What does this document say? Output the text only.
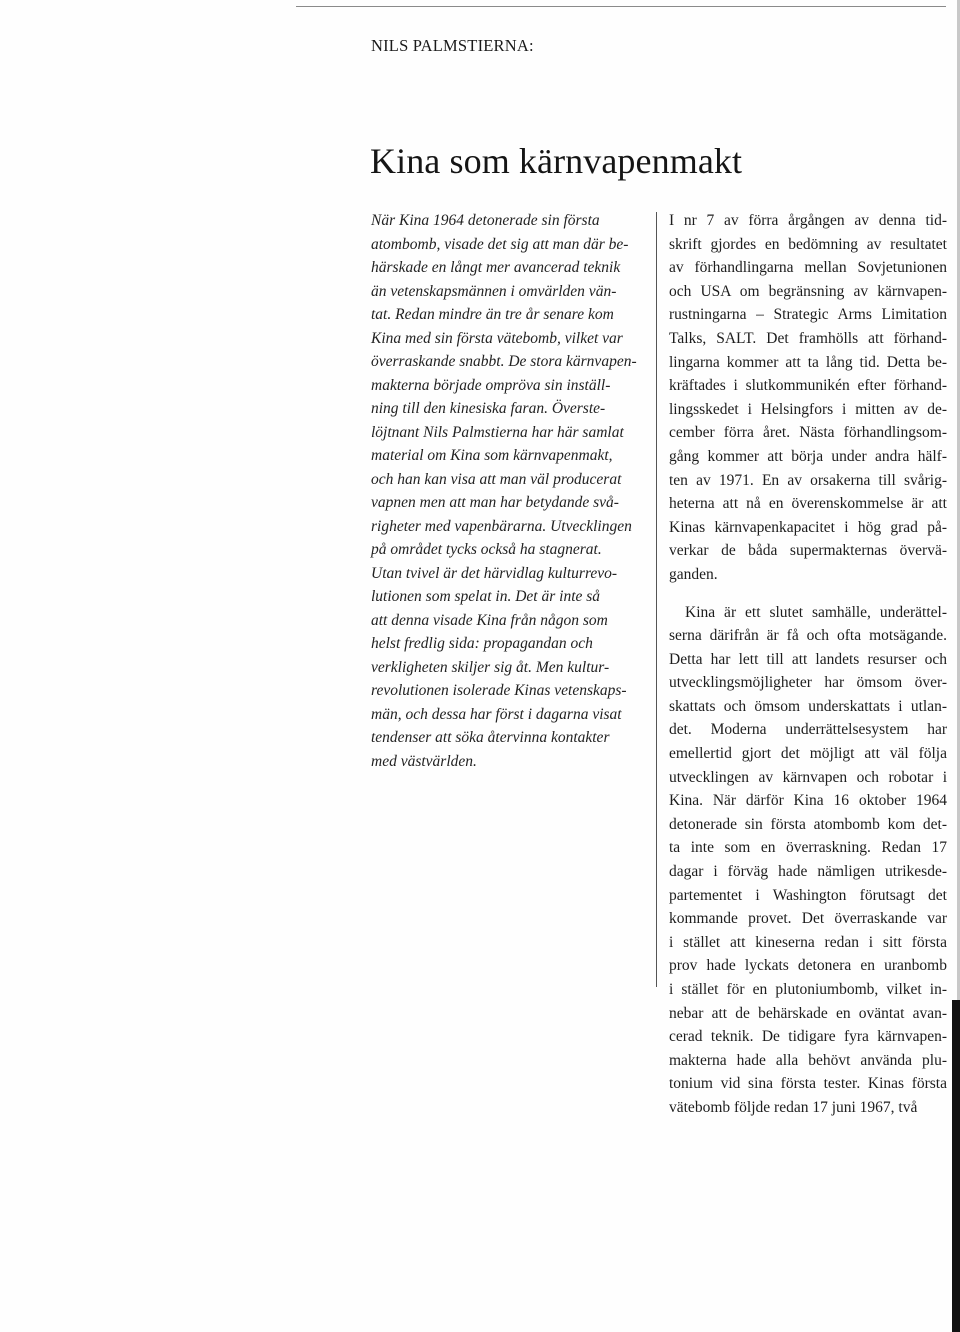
NILS PALMSTIERNA:
Kina som kärnvapenmakt
När Kina 1964 detonerade sin första
atombomb, visade det sig att man där be-
härskade en långt mer avancerad teknik
än vetenskapsmännen i omvärlden vän-
tat. Redan mindre än tre år senare kom
Kina med sin första vätebomb, vilket var
överraskande snabbt. De stora kärnvapen-
makterna började ompröva sin inställ-
ning till den kinesiska faran. Överste-
löjtnant Nils Palmstierna har här samlat
material om Kina som kärnvapenmakt,
och han kan visa att man väl producerat
vapnen men att man har betydande svå-
righeter med vapenbärarna. Utvecklingen
på området tycks också ha stagnerat.
Utan tvivel är det härvidlag kulturrevo-
lutionen som spelat in. Det är inte så
att denna visade Kina från någon som
helst fredlig sida: propagandan och
verkligheten skiljer sig åt. Men kultur-
revolutionen isolerade Kinas vetenskaps-
män, och dessa har först i dagarna visat
tendenser att söka återvinna kontakter
med västvärlden.
I nr 7 av förra årgången av denna tid-
skrift gjordes en bedömning av resultatet
av förhandlingarna mellan Sovjetunionen
och USA om begränsning av kärnvapen-
rustningarna – Strategic Arms Limitation
Talks, SALT. Det framhölls att förhand-
lingarna kommer att ta lång tid. Detta be-
kräftades i slutkommunikén efter förhand-
lingsskedet i Helsingfors i mitten av de-
cember förra året. Nästa förhandlingsom-
gång kommer att börja under andra hälf-
ten av 1971. En av orsakerna till svårig-
heterna att nå en överenskommelse är att
Kinas kärnvapenkapacitet i hög grad på-
verkar de båda supermakternas övervä-
ganden.
Kina är ett slutet samhälle, underättel-
serna därifrån är få och ofta motsägande.
Detta har lett till att landets resurser och
utvecklingsmöjligheter har ömsom över-
skattats och ömsom underskattats i utlan-
det. Moderna underrättelsesystem har
emellertid gjort det möjligt att väl följa
utvecklingen av kärnvapen och robotar i
Kina. När därför Kina 16 oktober 1964
detonerade sin första atombomb kom det-
ta inte som en överraskning. Redan 17
dagar i förväg hade nämligen utrikesde-
partementet i Washington förutsagt det
kommande provet. Det överraskande var
i stället att kineserna redan i sitt första
prov hade lyckats detonera en uranbomb
i stället för en plutoniumbomb, vilket in-
nebar att de behärskade en oväntat avan-
cerad teknik. De tidigare fyra kärnvapen-
makterna hade alla behövt använda plu-
tonium vid sina första tester. Kinas första
vätebomb följde redan 17 juni 1967, två
